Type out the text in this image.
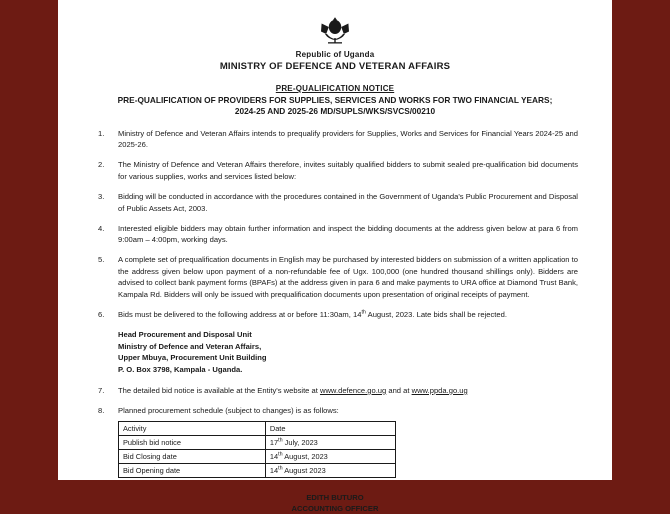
Republic of Uganda
MINISTRY OF DEFENCE AND VETERAN AFFAIRS
PRE-QUALIFICATION NOTICE
PRE-QUALIFICATION OF PROVIDERS FOR SUPPLIES, SERVICES AND WORKS FOR TWO FINANCIAL YEARS; 2024-25 AND 2025-26 MD/SUPLS/WKS/SVCS/00210
1.	Ministry of Defence and Veteran Affairs intends to prequalify providers for Supplies, Works and Services for Financial Years 2024-25 and 2025-26.
2.	The Ministry of Defence and Veteran Affairs therefore, invites suitably qualified bidders to submit sealed pre-qualification bid documents for various supplies, works and services listed below:
3.	Bidding will be conducted in accordance with the procedures contained in the Government of Uganda's Public Procurement and Disposal of Public Assets Act, 2003.
4.	Interested eligible bidders may obtain further information and inspect the bidding documents at the address given below at para 6 from 9:00am – 4:00pm, working days.
5.	A complete set of prequalification documents in English may be purchased by interested bidders on submission of a written application to the address given below upon payment of a non-refundable fee of Ugx. 100,000 (one hundred thousand shillings only). Bidders are advised to collect bank payment forms (BPAFs) at the address given in para 6 and make payments to URA office at Diamond Trust Bank, Kampala Rd. Bidders will only be issued with prequalification documents upon presentation of original receipts of payment.
6.	Bids must be delivered to the following address at or before 11:30am, 14th August, 2023. Late bids shall be rejected.
Head Procurement and Disposal Unit
Ministry of Defence and Veteran Affairs,
Upper Mbuya, Procurement Unit Building
P. O. Box 3798, Kampala - Uganda.
7.	The detailed bid notice is available at the Entity's website at www.defence.go.ug and at www.ppda.go.ug
8.	Planned procurement schedule (subject to changes) is as follows:
Activity	Date
Publish bid notice	17th July, 2023
Bid Closing date	14th August, 2023
Bid Opening date	14th August 2023
EDITH BUTURO
ACCOUNTING OFFICER
